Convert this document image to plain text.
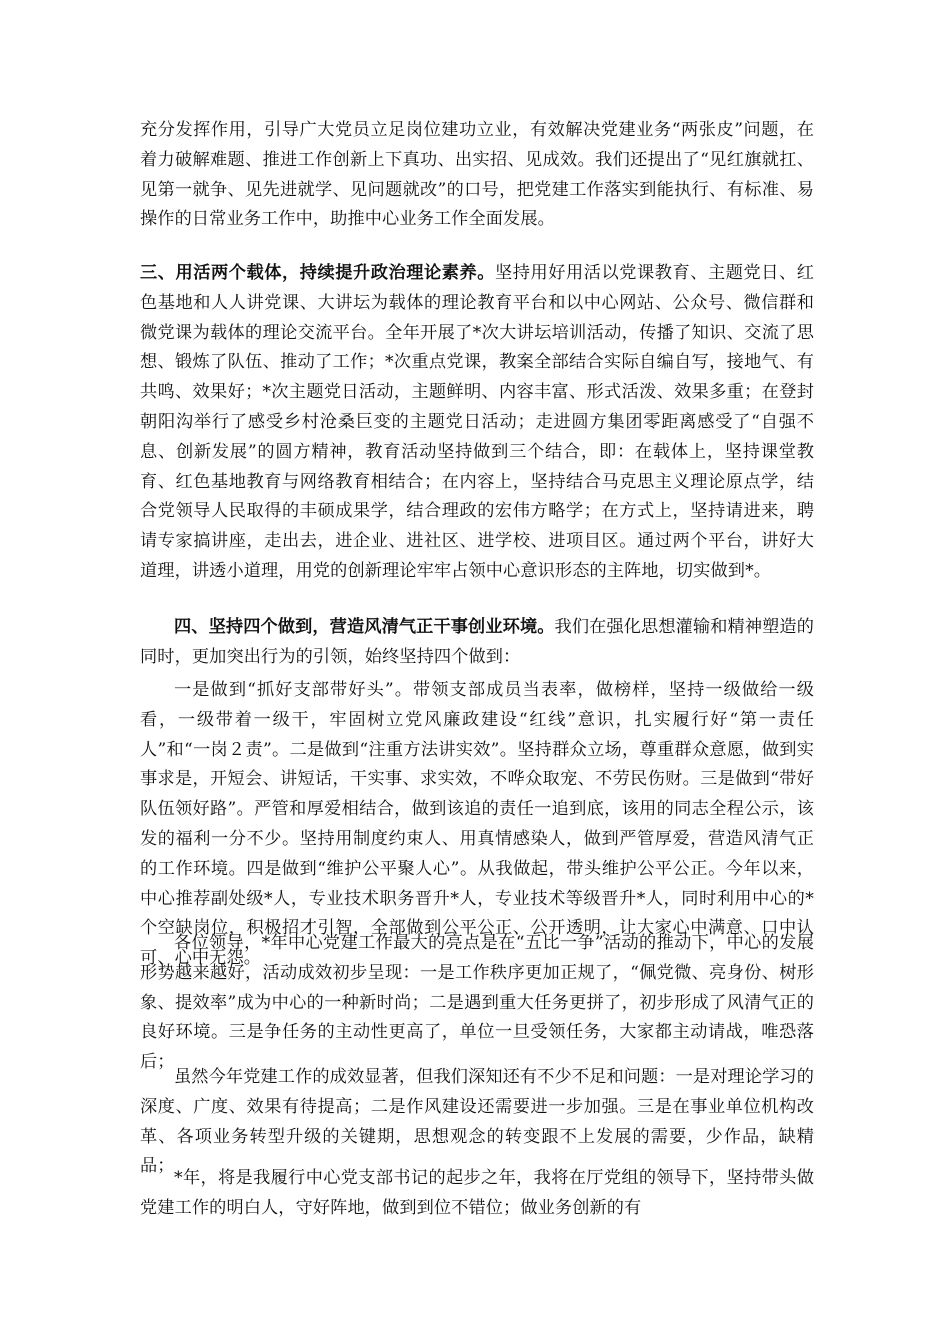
充分发挥作用，引导广大党员立足岗位建功立业，有效解决党建业务“两张皮”问题，在着力破解难题、推进工作创新上下真功、出实招、见成效。我们还提出了“见红旗就扛、见第一就争、见先进就学、见问题就改”的口号，把党建工作落实到能执行、有标准、易操作的日常业务工作中，助推中心业务工作全面发展。

三、用活两个载体，持续提升政治理论素养。坚持用好用活以党课教育、主题党日、红色基地和人人讲党课、大讲坛为载体的理论教育平台和以中心网站、公众号、微信群和微党课为载体的理论交流平台。全年开展了*次大讲坛培训活动，传播了知识、交流了思想、锻炼了队伍、推动了工作；*次重点党课，教案全部结合实际自编自写，接地气、有共鸣、效果好；*次主题党日活动，主题鲜明、内容丰富、形式活泼、效果多重；在登封朝阳沟举行了感受乡村沧桑巨变的主题党日活动；走进圆方集团零距离感受了“自强不息、创新发展”的圆方精神，教育活动坚持做到三个结合，即：在载体上，坚持课堂教育、红色基地教育与网络教育相结合；在内容上，坚持结合马克思主义理论原点学，结合党领导人民取得的丰硕成果学，结合理政的宏伟方略学；在方式上，坚持请进来，聘请专家搞讲座，走出去，进企业、进社区、进学校、进项目区。通过两个平台，讲好大道理，讲透小道理，用党的创新理论牢牢占领中心意识形态的主阵地，切实做到*。

四、坚持四个做到，营造风清气正干事创业环境。我们在强化思想灌输和精神塑造的同时，更加突出行为的引领，始终坚持四个做到：

一是做到“抓好支部带好头”。带领支部成员当表率，做榜样，坚持一级做给一级看，一级带着一级干，牢固树立党风廉政建设“红线”意识，扎实履行好“第一责任人”和“一岗２责”。二是做到“注重方法讲实效”。坚持群众立场，尊重群众意愿，做到实事求是，开短会、讲短话，干实事、求实效，不哗众取宠、不劳民伤财。三是做到“带好队伍领好路”。严管和厚爱相结合，做到该追的责任一追到底，该用的同志全程公示，该发的福利一分不少。坚持用制度约束人、用真情感染人，做到严管厚爱，营造风清气正的工作环境。四是做到“维护公平聚人心”。从我做起，带头维护公平公正。今年以来，中心推荐副处级*人，专业技术职务晋升*人，专业技术等级晋升*人，同时利用中心的*个空缺岗位，积极招才引智，全部做到公平公正、公开透明，让大家心中满意、口中认可、心中无怨。

各位领导，*年中心党建工作最大的亮点是在“五比一争”活动的推动下，中心的发展形势越来越好，活动成效初步呈现：一是工作秩序更加正规了，“佩党微、亮身份、树形象、提效率”成为中心的一种新时尚；二是遇到重大任务更拼了，初步形成了风清气正的良好环境。三是争任务的主动性更高了，单位一旦受领任务，大家都主动请战，唯恐落后；

虽然今年党建工作的成效显著，但我们深知还有不少不足和问题：一是对理论学习的深度、广度、效果有待提高；二是作风建设还需要进一步加强。三是在事业单位机构改革、各项业务转型升级的关键期，思想观念的转变跟不上发展的需要，少作品，缺精品；

*年，将是我履行中心党支部书记的起步之年，我将在厅党组的领导下，坚持带头做党建工作的明白人，守好阵地，做到到位不错位；做业务创新的有
